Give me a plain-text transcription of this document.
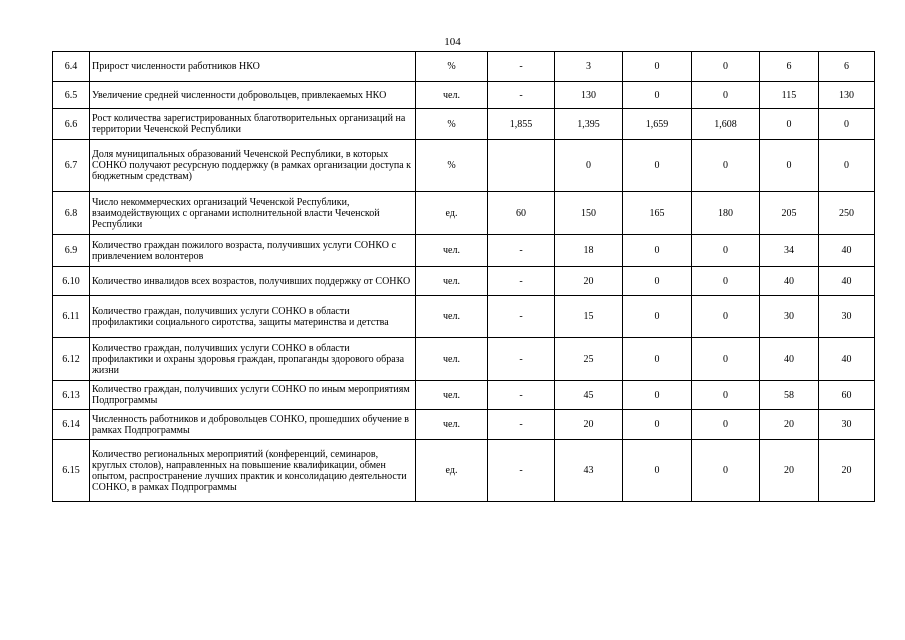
104
6.4	Прирост численности работников НКО	%	-	3	0	0	6	6
6.5	Увеличение средней численности добровольцев, привлекаемых НКО	чел.	-	130	0	0	115	130
6.6	Рост количества зарегистрированных благотворительных организаций на территории Чеченской Республики	%	1,855	1,395	1,659	1,608	0	0
6.7	Доля муниципальных образований Чеченской Республики, в которых СОНКО получают ресурсную поддержку (в рамках организации доступа к бюджетным средствам)	%		0	0	0	0	0
6.8	Число некоммерческих организаций Чеченской Республики, взаимодействующих с органами исполнительной власти Чеченской Республики	ед.	60	150	165	180	205	250
6.9	Количество граждан пожилого возраста, получивших услуги СОНКО с привлечением волонтеров	чел.	-	18	0	0	34	40
6.10	Количество инвалидов всех возрастов, получивших поддержку от СОНКО	чел.	-	20	0	0	40	40
6.11	Количество граждан, получивших услуги СОНКО в области профилактики социального сиротства, защиты материнства и детства	чел.	-	15	0	0	30	30
6.12	Количество граждан, получивших услуги СОНКО в области профилактики и охраны здоровья граждан, пропаганды здорового образа жизни	чел.	-	25	0	0	40	40
6.13	Количество граждан, получивших услуги СОНКО по иным мероприятиям Подпрограммы	чел.	-	45	0	0	58	60
6.14	Численность работников и добровольцев СОНКО, прошедших обучение в рамках Подпрограммы	чел.	-	20	0	0	20	30
6.15	Количество региональных мероприятий (конференций, семинаров, круглых столов), направленных на повышение квалификации, обмен опытом, распространение лучших практик и консолидацию деятельности СОНКО, в рамках Подпрограммы	ед.	-	43	0	0	20	20
